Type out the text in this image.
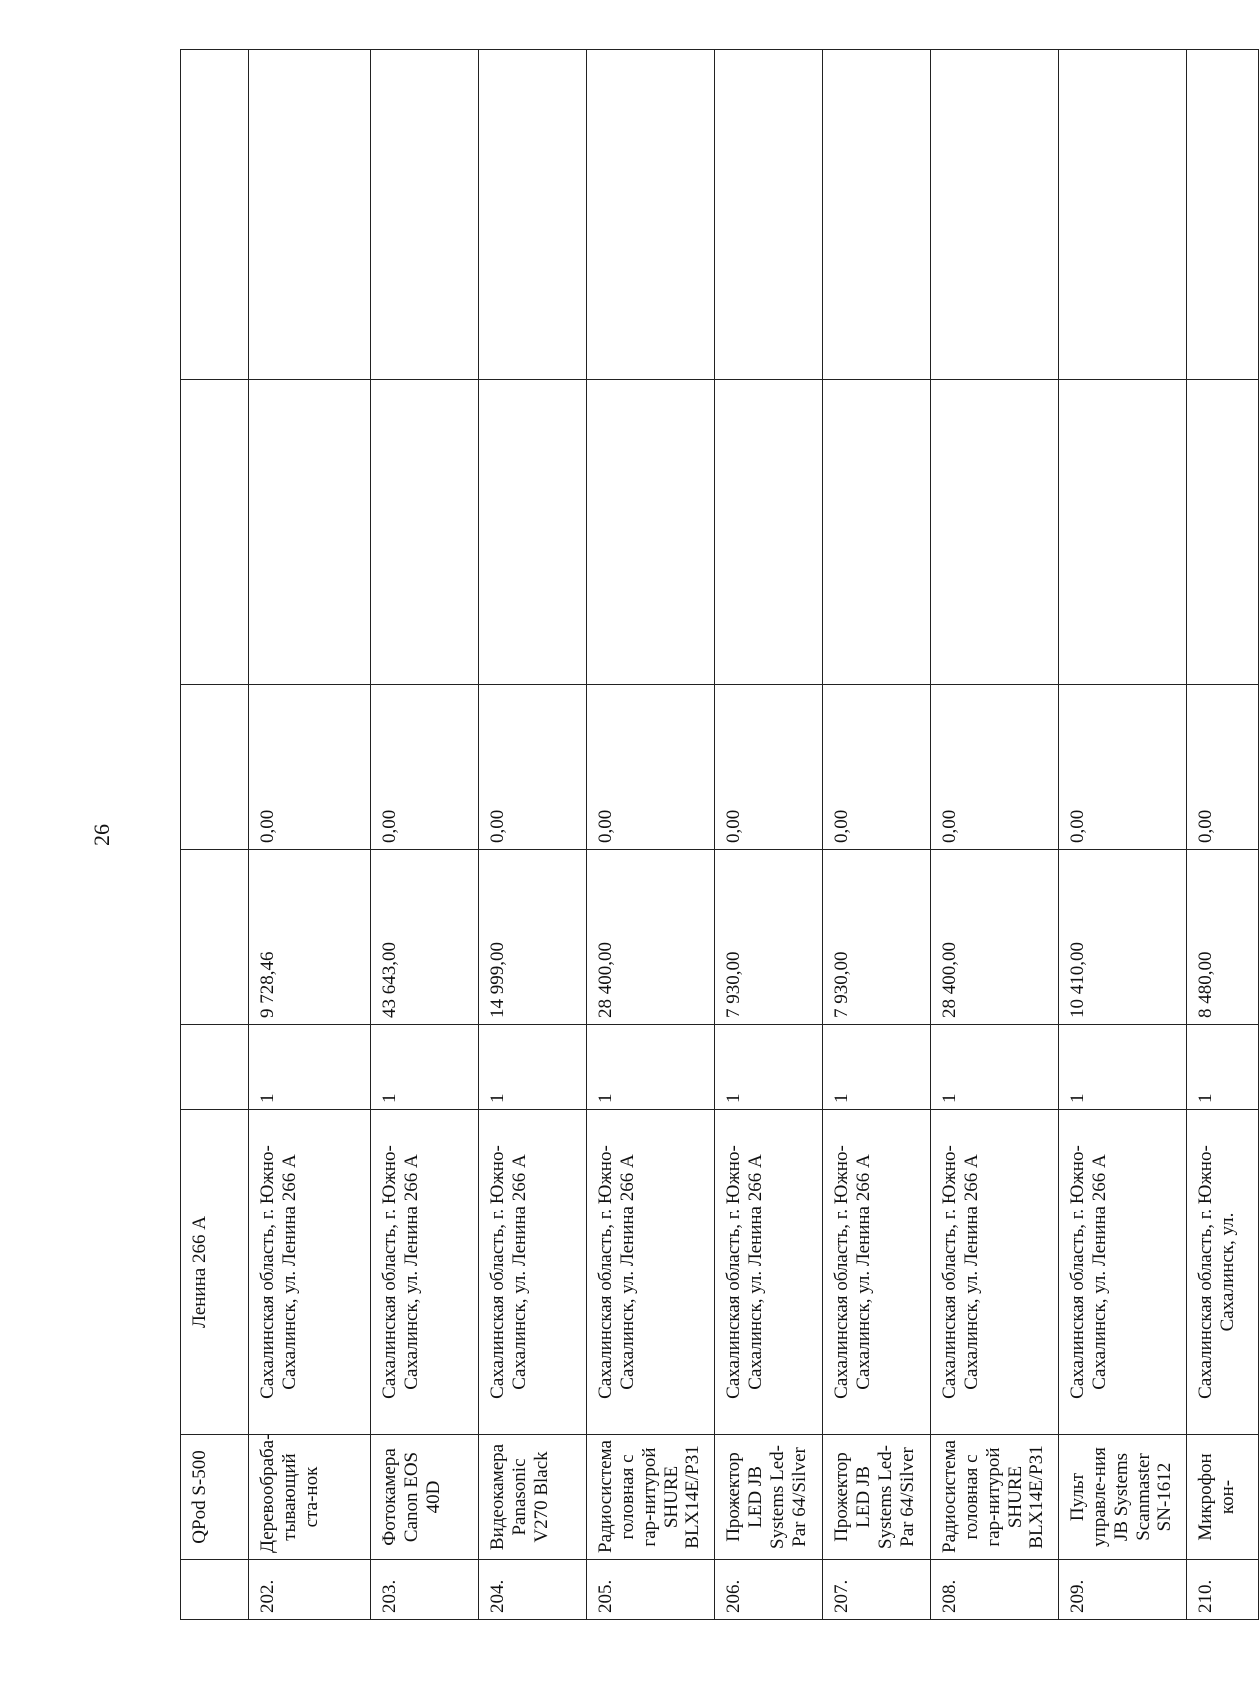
26
	QPod S-500	Ленина 266 А					
202.	Деревообраба-тывающий ста-нок	Сахалинская область, г. Южно-Сахалинск, ул. Ленина 266 А	1	9 728,46	0,00		
203.	Фотокамера Canon EOS 40D	Сахалинская область, г. Южно-Сахалинск, ул. Ленина 266 А	1	43 643,00	0,00		
204.	Видеокамера Panasonic V270 Black	Сахалинская область, г. Южно-Сахалинск, ул. Ленина 266 А	1	14 999,00	0,00		
205.	Радиосистема головная с гар-нитурой SHURE BLX14E/P31	Сахалинская область, г. Южно-Сахалинск, ул. Ленина 266 А	1	28 400,00	0,00		
206.	Прожектор LED JB Systems Led-Par 64/Silver	Сахалинская область, г. Южно-Сахалинск, ул. Ленина 266 А	1	7 930,00	0,00		
207.	Прожектор LED JB Systems Led-Par 64/Silver	Сахалинская область, г. Южно-Сахалинск, ул. Ленина 266 А	1	7 930,00	0,00		
208.	Радиосистема головная с гар-нитурой SHURE BLX14E/P31	Сахалинская область, г. Южно-Сахалинск, ул. Ленина 266 А	1	28 400,00	0,00		
209.	Пульт управле-ния JB Systems Scanmaster SN-1612	Сахалинская область, г. Южно-Сахалинск, ул. Ленина 266 А	1	10 410,00	0,00		
210.	Микрофон кон-	Сахалинская область, г. Южно-Сахалинск, ул.	1	8 480,00	0,00		
